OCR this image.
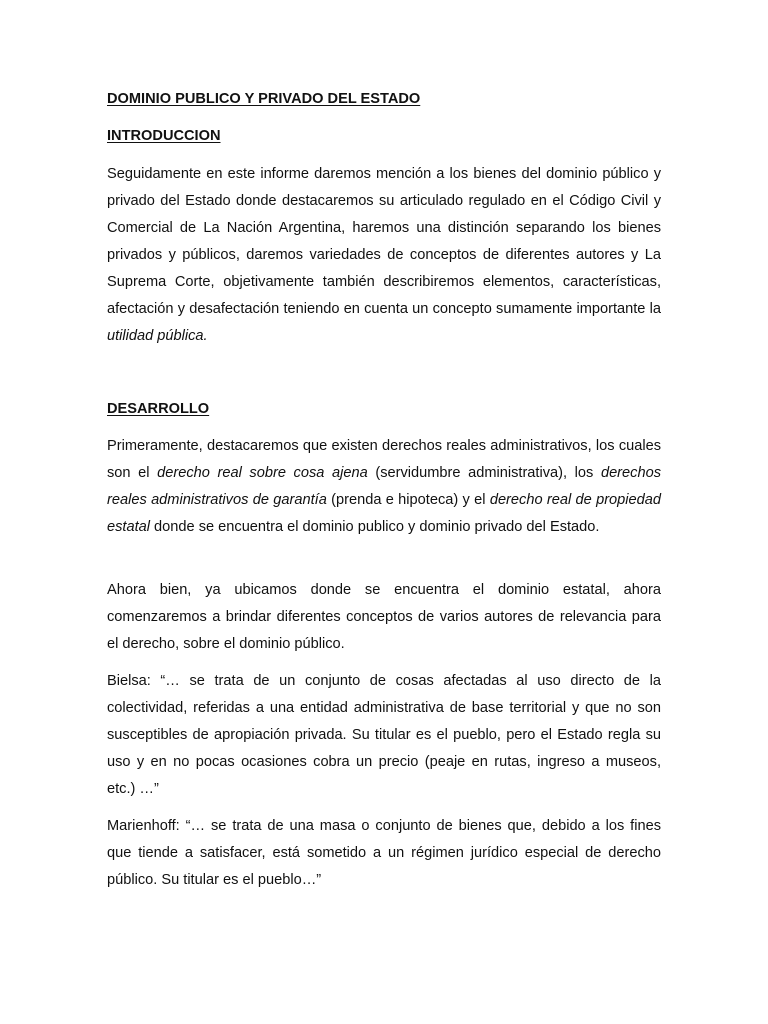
DOMINIO PUBLICO Y PRIVADO DEL ESTADO
INTRODUCCION
Seguidamente en este informe daremos mención a los bienes del dominio público y privado del Estado donde destacaremos su articulado regulado en el Código Civil y Comercial de La Nación Argentina, haremos una distinción separando los bienes privados y públicos, daremos variedades de conceptos de diferentes autores y La Suprema Corte, objetivamente también describiremos elementos, características, afectación y desafectación teniendo en cuenta un concepto sumamente importante la utilidad pública.
DESARROLLO
Primeramente, destacaremos que existen derechos reales administrativos, los cuales son el derecho real sobre cosa ajena (servidumbre administrativa), los derechos reales administrativos de garantía (prenda e hipoteca) y el derecho real de propiedad estatal donde se encuentra el dominio publico y dominio privado del Estado.
Ahora bien, ya ubicamos donde se encuentra el dominio estatal, ahora comenzaremos a brindar diferentes conceptos de varios autores de relevancia para el derecho, sobre el dominio público.
Bielsa: “… se trata de un conjunto de cosas afectadas al uso directo de la colectividad, referidas a una entidad administrativa de base territorial y que no son susceptibles de apropiación privada. Su titular es el pueblo, pero el Estado regla su uso y en no pocas ocasiones cobra un precio (peaje en rutas, ingreso a museos, etc.) …”
Marienhoff: “… se trata de una masa o conjunto de bienes que, debido a los fines que tiende a satisfacer, está sometido a un régimen jurídico especial de derecho público. Su titular es el pueblo…”
